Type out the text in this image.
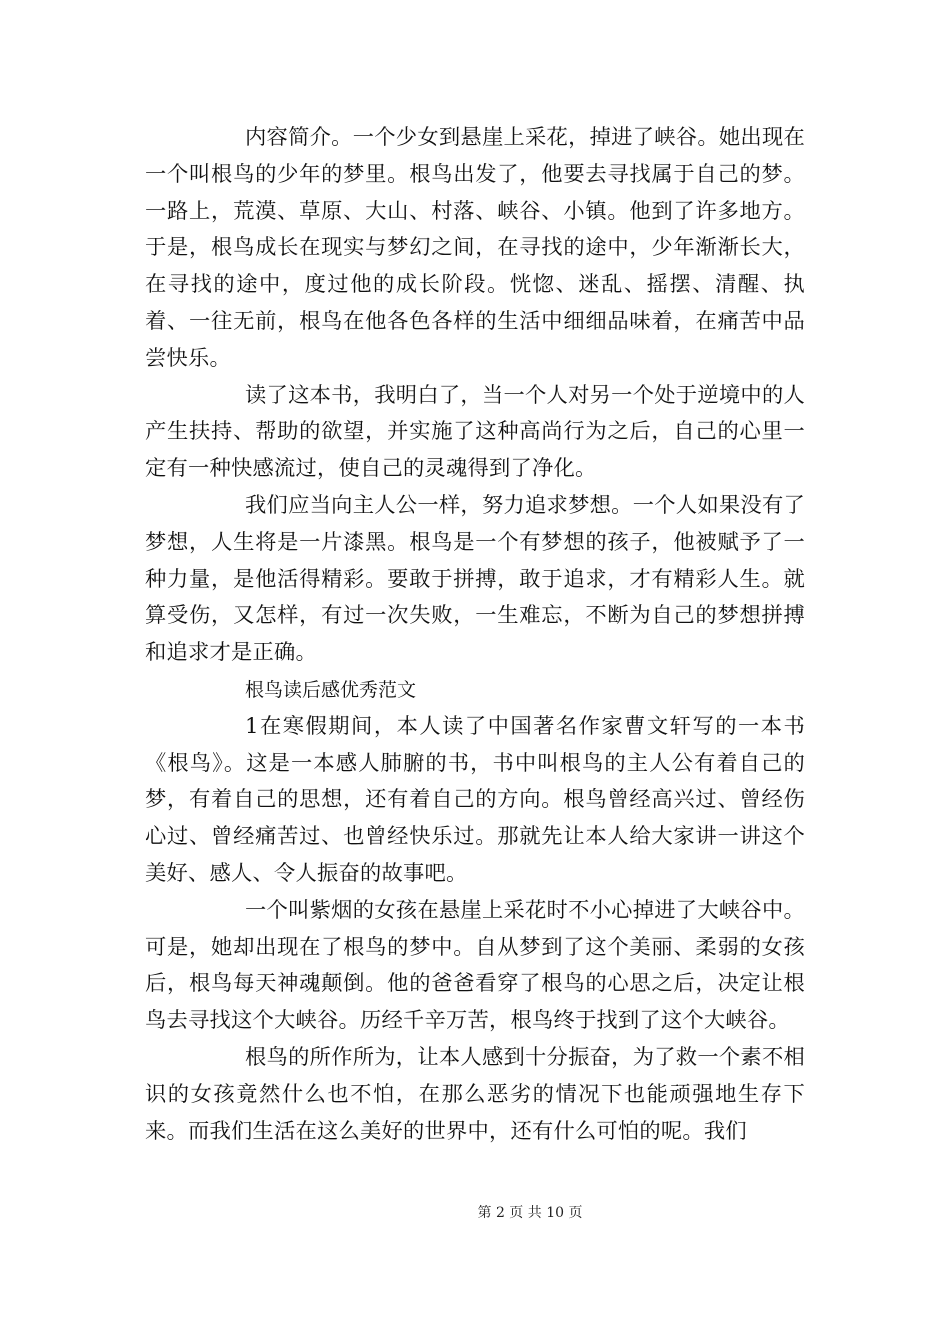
内容简介。一个少女到悬崖上采花，掉进了峡谷。她出现在一个叫根鸟的少年的梦里。根鸟出发了，他要去寻找属于自己的梦。一路上，荒漠、草原、大山、村落、峡谷、小镇。他到了许多地方。于是，根鸟成长在现实与梦幻之间，在寻找的途中，少年渐渐长大，在寻找的途中，度过他的成长阶段。恍惚、迷乱、摇摆、清醒、执着、一往无前，根鸟在他各色各样的生活中细细品味着，在痛苦中品尝快乐。

读了这本书，我明白了，当一个人对另一个处于逆境中的人产生扶持、帮助的欲望，并实施了这种高尚行为之后，自己的心里一定有一种快感流过，使自己的灵魂得到了净化。

我们应当向主人公一样，努力追求梦想。一个人如果没有了梦想，人生将是一片漆黑。根鸟是一个有梦想的孩子，他被赋予了一种力量，是他活得精彩。要敢于拼搏，敢于追求，才有精彩人生。就算受伤，又怎样，有过一次失败，一生难忘，不断为自己的梦想拼搏和追求才是正确。

根鸟读后感优秀范文

1在寒假期间，本人读了中国著名作家曹文轩写的一本书《根鸟》。这是一本感人肺腑的书，书中叫根鸟的主人公有着自己的梦，有着自己的思想，还有着自己的方向。根鸟曾经高兴过、曾经伤心过、曾经痛苦过、也曾经快乐过。那就先让本人给大家讲一讲这个美好、感人、令人振奋的故事吧。

一个叫紫烟的女孩在悬崖上采花时不小心掉进了大峡谷中。可是，她却出现在了根鸟的梦中。自从梦到了这个美丽、柔弱的女孩后，根鸟每天神魂颠倒。他的爸爸看穿了根鸟的心思之后，决定让根鸟去寻找这个大峡谷。历经千辛万苦，根鸟终于找到了这个大峡谷。

根鸟的所作所为，让本人感到十分振奋，为了救一个素不相识的女孩竟然什么也不怕，在那么恶劣的情况下也能顽强地生存下来。而我们生活在这么美好的世界中，还有什么可怕的呢。我们

第 2 页 共 10 页
